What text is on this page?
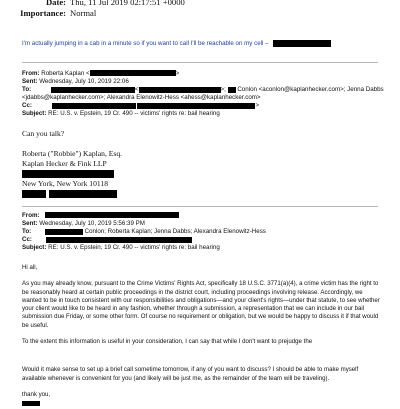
Date: Thu, 11 Jul 2019 02:17:51 +0000
Importance: Normal
I'm actually jumping in a cab in a minute so if you want to call I'll be reachable on my cell –
From: Roberta Kaplan <	>
Sent: Wednesday, July 10, 2019 22:06
To:	<	>; Conlon <aconlon@kaplanhecker.com>; Jenna Dabbs
<jdabbs@kaplanhecker.com>; Alexandra Elenowitz-Hess <ahess@kaplanhecker.com>
Cc:	>
Subject: RE: U.S. v. Epstein, 19 Cr. 490 -- victims' rights re: bail hearing
Can you talk?
Roberta ("Robbie") Kaplan, Esq.
Kaplan Hecker & Fink LLP
New York, New York 10118
From:
Sent: Wednesday, July 10, 2019 5:56:39 PM
To:	Conlon; Roberta Kaplan; Jenna Dabbs; Alexandra Elenowitz-Hess
Cc:
Subject: RE: U.S. v. Epstein, 19 Cr. 490 -- victims' rights re: bail hearing

Hi all,

As you may already know, pursuant to the Crime Victims' Rights Act, specifically 18 U.S.C. 3771(a)(4), a crime victim has the right to be reasonably heard at certain public proceedings in the district court, including proceedings involving release. Accordingly, we wanted to be in touch consistent with our responsibilities and obligations—and your client's rights—under that statute, to see whether your client would like to be heard in any fashion, whether through a submission, a representation that we can include in our bail submission due Friday, or some other form. Of course no requirement or obligation, but we would be happy to discuss it if that would be useful.

To the extent this information is useful in your consideration, I can say that while I don't want to prejudge the

Would it make sense to set up a brief call sometime tomorrow, if any of you want to discuss? I should be able to make myself available whenever is convenient for you (and likely will be just me, as the remainder of the team will be traveling).

thank you,
